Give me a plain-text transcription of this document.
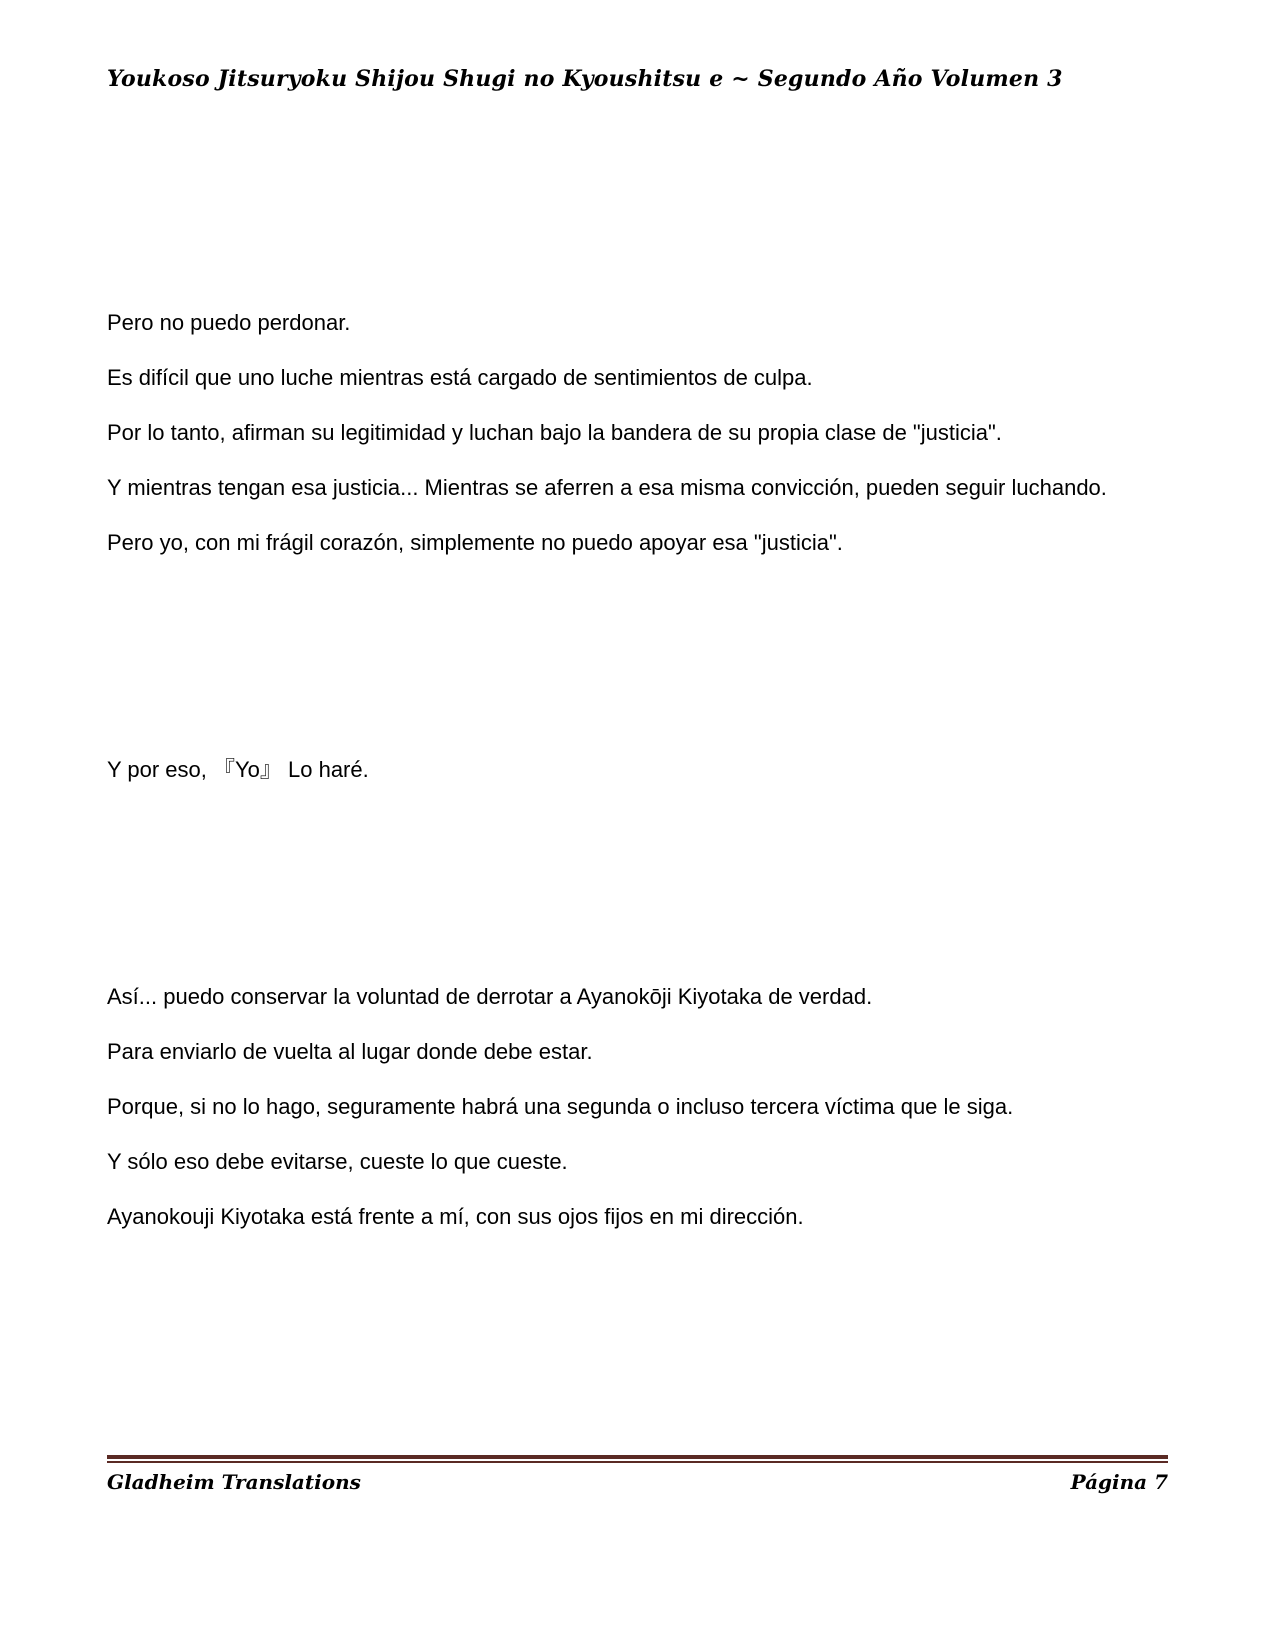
Youkoso Jitsuryoku Shijou Shugi no Kyoushitsu e ~ Segundo Año Volumen 3

Pero no puedo perdonar.

Es difícil que uno luche mientras está cargado de sentimientos de culpa.

Por lo tanto, afirman su legitimidad y luchan bajo la bandera de su propia clase de "justicia".

Y mientras tengan esa justicia... Mientras se aferren a esa misma convicción, pueden seguir luchando.

Pero yo, con mi frágil corazón, simplemente no puedo apoyar esa "justicia".

Y por eso, 『Yo』 Lo haré.

Así... puedo conservar la voluntad de derrotar a Ayanokōji Kiyotaka de verdad.

Para enviarlo de vuelta al lugar donde debe estar.

Porque, si no lo hago, seguramente habrá una segunda o incluso tercera víctima que le siga.

Y sólo eso debe evitarse, cueste lo que cueste.

Ayanokouji Kiyotaka está frente a mí, con sus ojos fijos en mi dirección.

Gladheim Translations	Página 7
